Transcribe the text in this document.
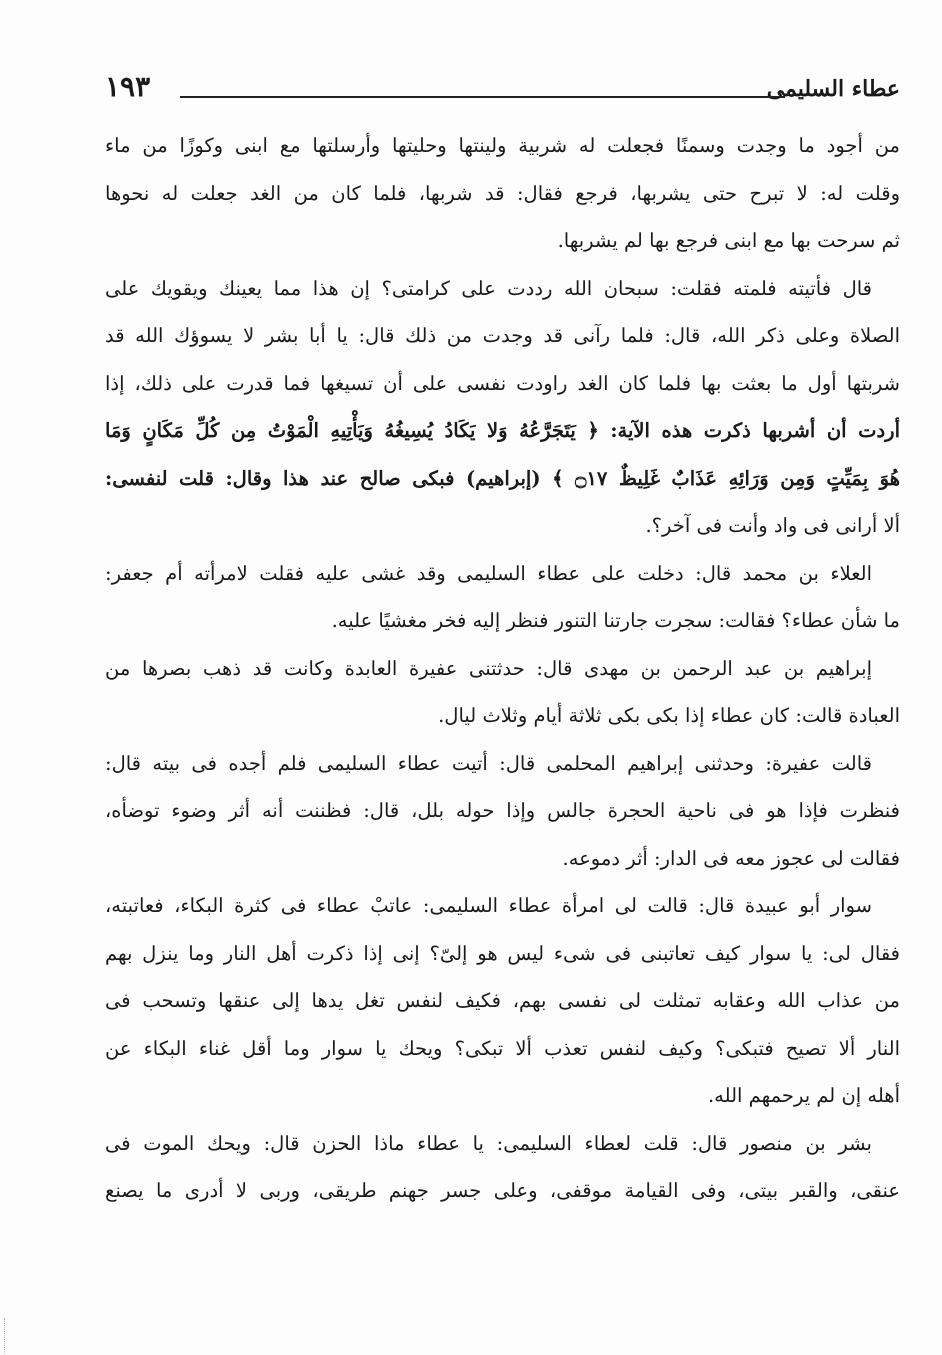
عطاء السليمى
١٩٣
من أجود ما وجدت وسمنًا فجعلت له شربية ولينتها وحليتها وأرسلتها مع ابنى وكوزًا من ماء
وقلت له: لا تبرح حتى يشربها، فرجع فقال: قد شربها، فلما كان من الغد جعلت له نحوها
ثم سرحت بها مع ابنى فرجع بها لم يشربها.
قال فأتيته فلمته فقلت: سبحان الله رددت على كرامتى؟ إن هذا مما يعينك ويقويك على
الصلاة وعلى ذكر الله، قال: فلما رآنى قد وجدت من ذلك قال: يا أبا بشر لا يسوؤك الله قد
شربتها أول ما بعثت بها فلما كان الغد راودت نفسى على أن تسيغها فما قدرت على ذلك، إذا
أردت أن أشربها ذكرت هذه الآية: ﴿ يَتَجَرَّعُهُ وَلا يَكَادُ يُسِيغُهُ وَيَأْتِيهِ الْمَوْتُ مِن كُلِّ مَكَانٍ وَمَا
هُوَ بِمَيِّتٍ وَمِن وَرَائِهِ عَذَابٌ غَلِيظٌ ۝١٧ ﴾ (إبراهيم) فبكى صالح عند هذا وقال: قلت لنفسى:
ألا أرانى فى واد وأنت فى آخر؟.
العلاء بن محمد قال: دخلت على عطاء السليمى وقد غشى عليه فقلت لامرأته أم جعفر:
ما شأن عطاء؟ فقالت: سجرت جارتنا التنور فنظر إليه فخر مغشيًا عليه.
إبراهيم بن عبد الرحمن بن مهدى قال: حدثتنى عفيرة العابدة وكانت قد ذهب بصرها من
العبادة قالت: كان عطاء إذا بكى بكى ثلاثة أيام وثلاث ليال.
قالت عفيرة: وحدثنى إبراهيم المحلمى قال: أتيت عطاء السليمى فلم أجده فى بيته قال:
فنظرت فإذا هو فى ناحية الحجرة جالس وإذا حوله بلل، قال: فظننت أنه أثر وضوء توضأه،
فقالت لى عجوز معه فى الدار: أثر دموعه.
سوار أبو عبيدة قال: قالت لى امرأة عطاء السليمى: عاتبْ عطاء فى كثرة البكاء، فعاتبته،
فقال لى: يا سوار كيف تعاتبنى فى شىء ليس هو إلىّ؟ إنى إذا ذكرت أهل النار وما ينزل بهم
من عذاب الله وعقابه تمثلت لى نفسى بهم، فكيف لنفس تغل يدها إلى عنقها وتسحب فى
النار ألا تصيح فتبكى؟ وكيف لنفس تعذب ألا تبكى؟ ويحك يا سوار وما أقل غناء البكاء عن
أهله إن لم يرحمهم الله.
بشر بن منصور قال: قلت لعطاء السليمى: يا عطاء ماذا الحزن قال: ويحك الموت فى
عنقى، والقبر بيتى، وفى القيامة موقفى، وعلى جسر جهنم طريقى، وربى لا أدرى ما يصنع
